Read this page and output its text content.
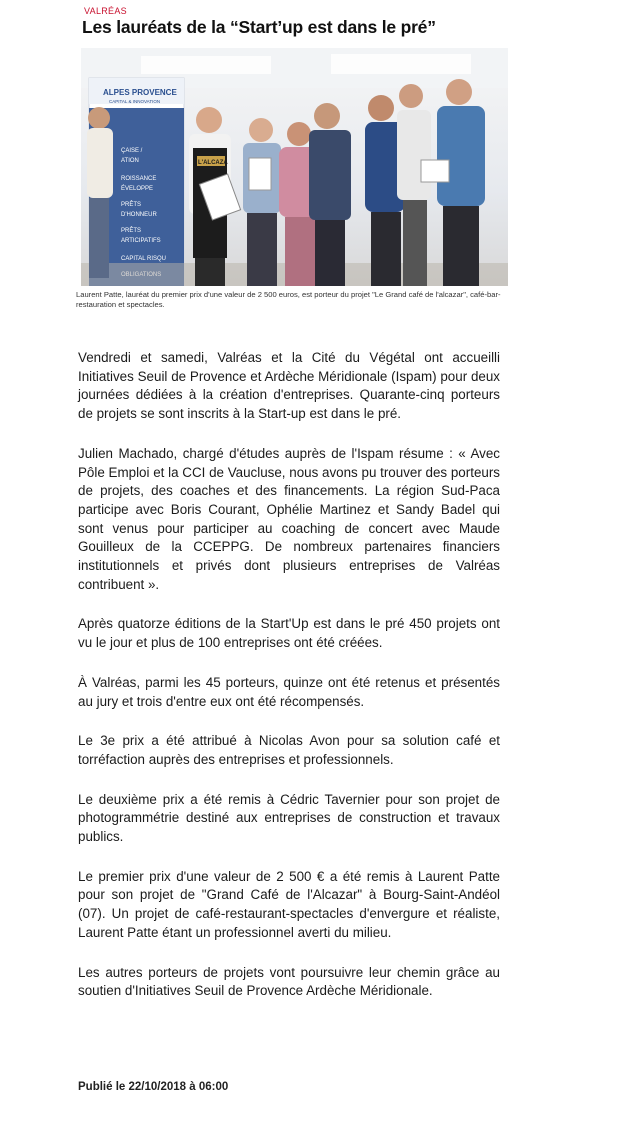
VALRÉAS
Les lauréats de la “Start’up est dans le pré”
ALPES PROVENCE
CAPITAL & INNOVATION
ÇAISE /
ATION
ROISSANCE
ÉVELOPPE
PRÊTS
D'HONNEUR
PRÊTS
ARTICIPATIFS
CAPITAL RISQU
L'ALCAZA
Laurent Patte, lauréat du premier prix d'une valeur de 2 500 euros, est porteur du projet "Le Grand café de l'alcazar", café-bar-restauration et spectacles.

Vendredi et samedi, Valréas et la Cité du Végétal ont accueilli Initiatives Seuil de Provence et Ardèche Méridionale (Ispam) pour deux journées dédiées à la création d'entreprises. Quarante-cinq porteurs de projets se sont inscrits à la Start-up est dans le pré.

Julien Machado, chargé d'études auprès de l'Ispam résume : « Avec Pôle Emploi et la CCI de Vaucluse, nous avons pu trouver des porteurs de projets, des coaches et des financements. La région Sud-Paca participe avec Boris Courant, Ophélie Martinez et Sandy Badel qui sont venus pour participer au coaching de concert avec Maude Gouilleux de la CCEPPG. De nombreux partenaires financiers institutionnels et privés dont plusieurs entreprises de Valréas contribuent ».

Après quatorze éditions de la Start'Up est dans le pré 450 projets ont vu le jour et plus de 100 entreprises ont été créées.

À Valréas, parmi les 45 porteurs, quinze ont été retenus et présentés au jury et trois d'entre eux ont été récompensés.

Le 3e prix a été attribué à Nicolas Avon pour sa solution café et torréfaction auprès des entreprises et professionnels.

Le deuxième prix a été remis à Cédric Tavernier pour son projet de photogrammétrie destiné aux entreprises de construction et travaux publics.

Le premier prix d'une valeur de 2 500 € a été remis à Laurent Patte pour son projet de "Grand Café de l'Alcazar" à Bourg-Saint-Andéol (07). Un projet de café-restaurant-spectacles d'envergure et réaliste, Laurent Patte étant un professionnel averti du milieu.

Les autres porteurs de projets vont poursuivre leur chemin grâce au soutien d'Initiatives Seuil de Provence Ardèche Méridionale.

Publié le 22/10/2018 à 06:00
